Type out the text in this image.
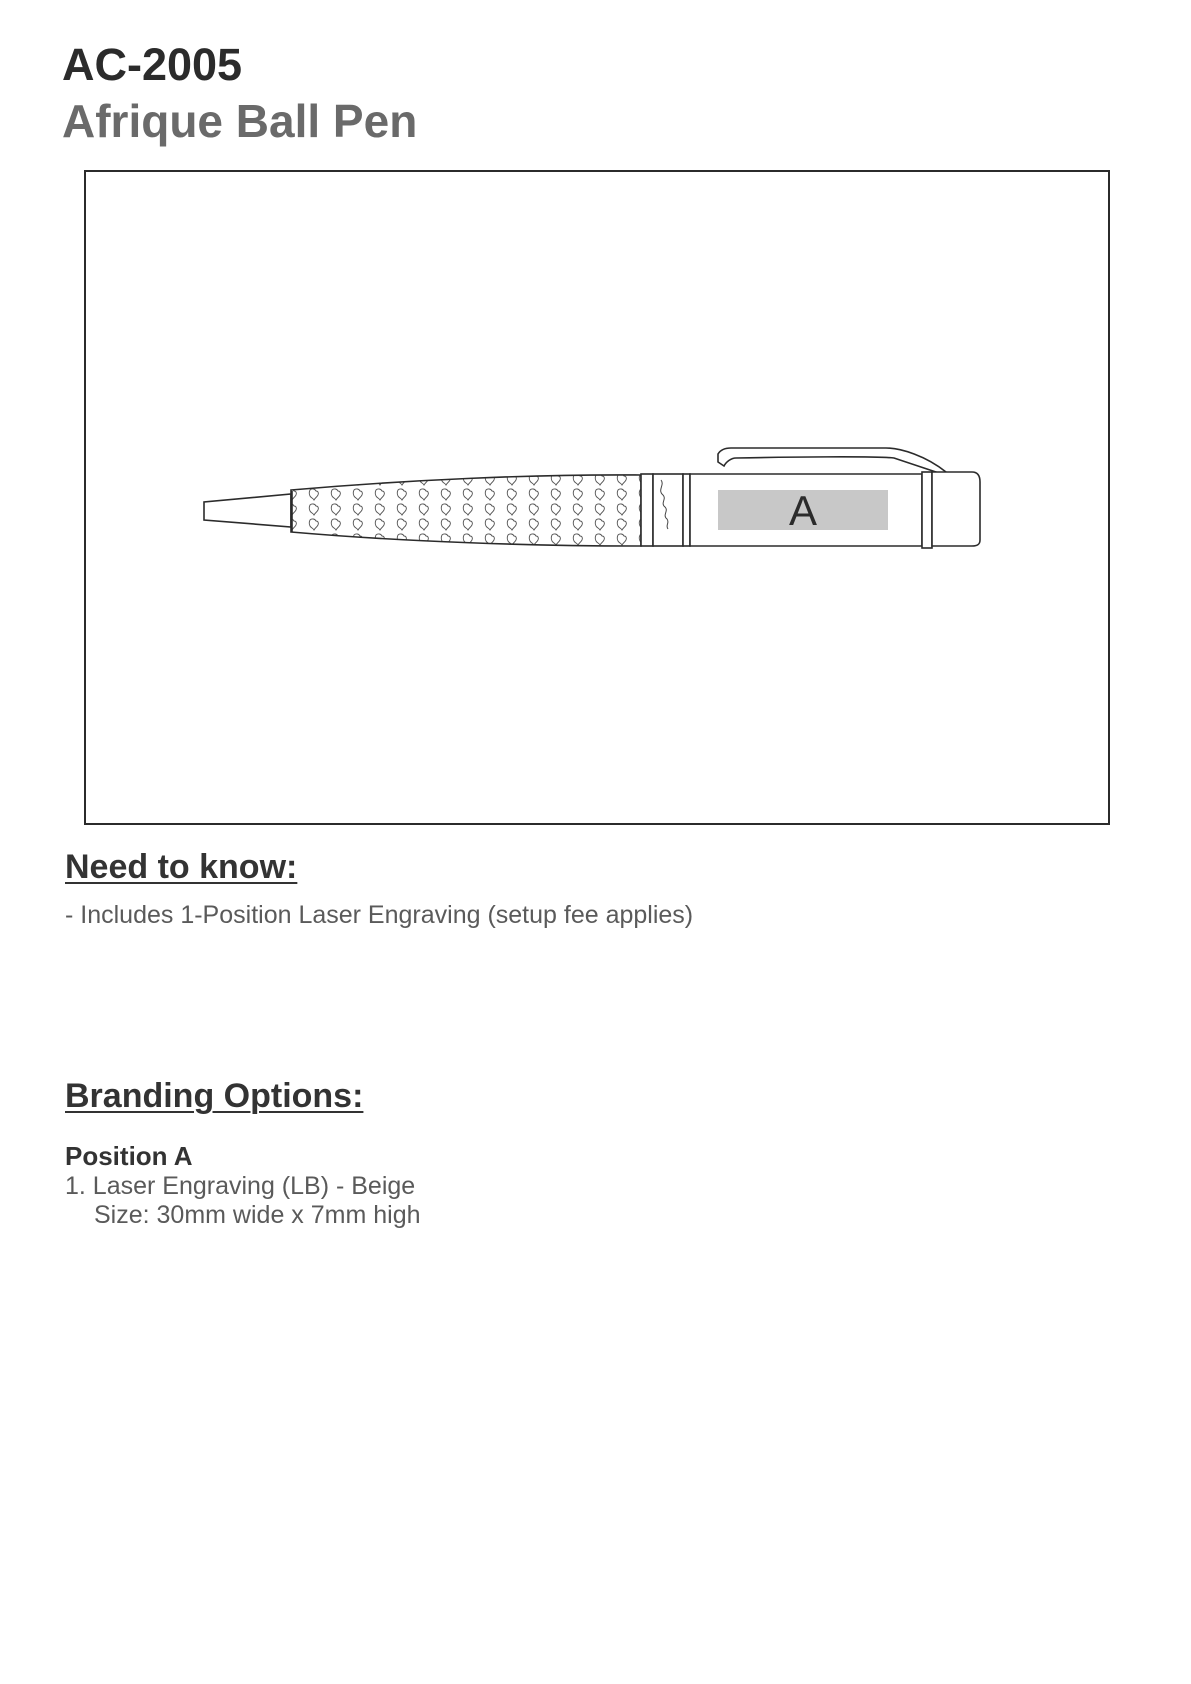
AC-2005
Afrique Ball Pen
A
Need to know:
- Includes 1-Position Laser Engraving (setup fee applies)
Branding Options:
Position A
1. Laser Engraving (LB) - Beige
Size: 30mm wide x 7mm high
